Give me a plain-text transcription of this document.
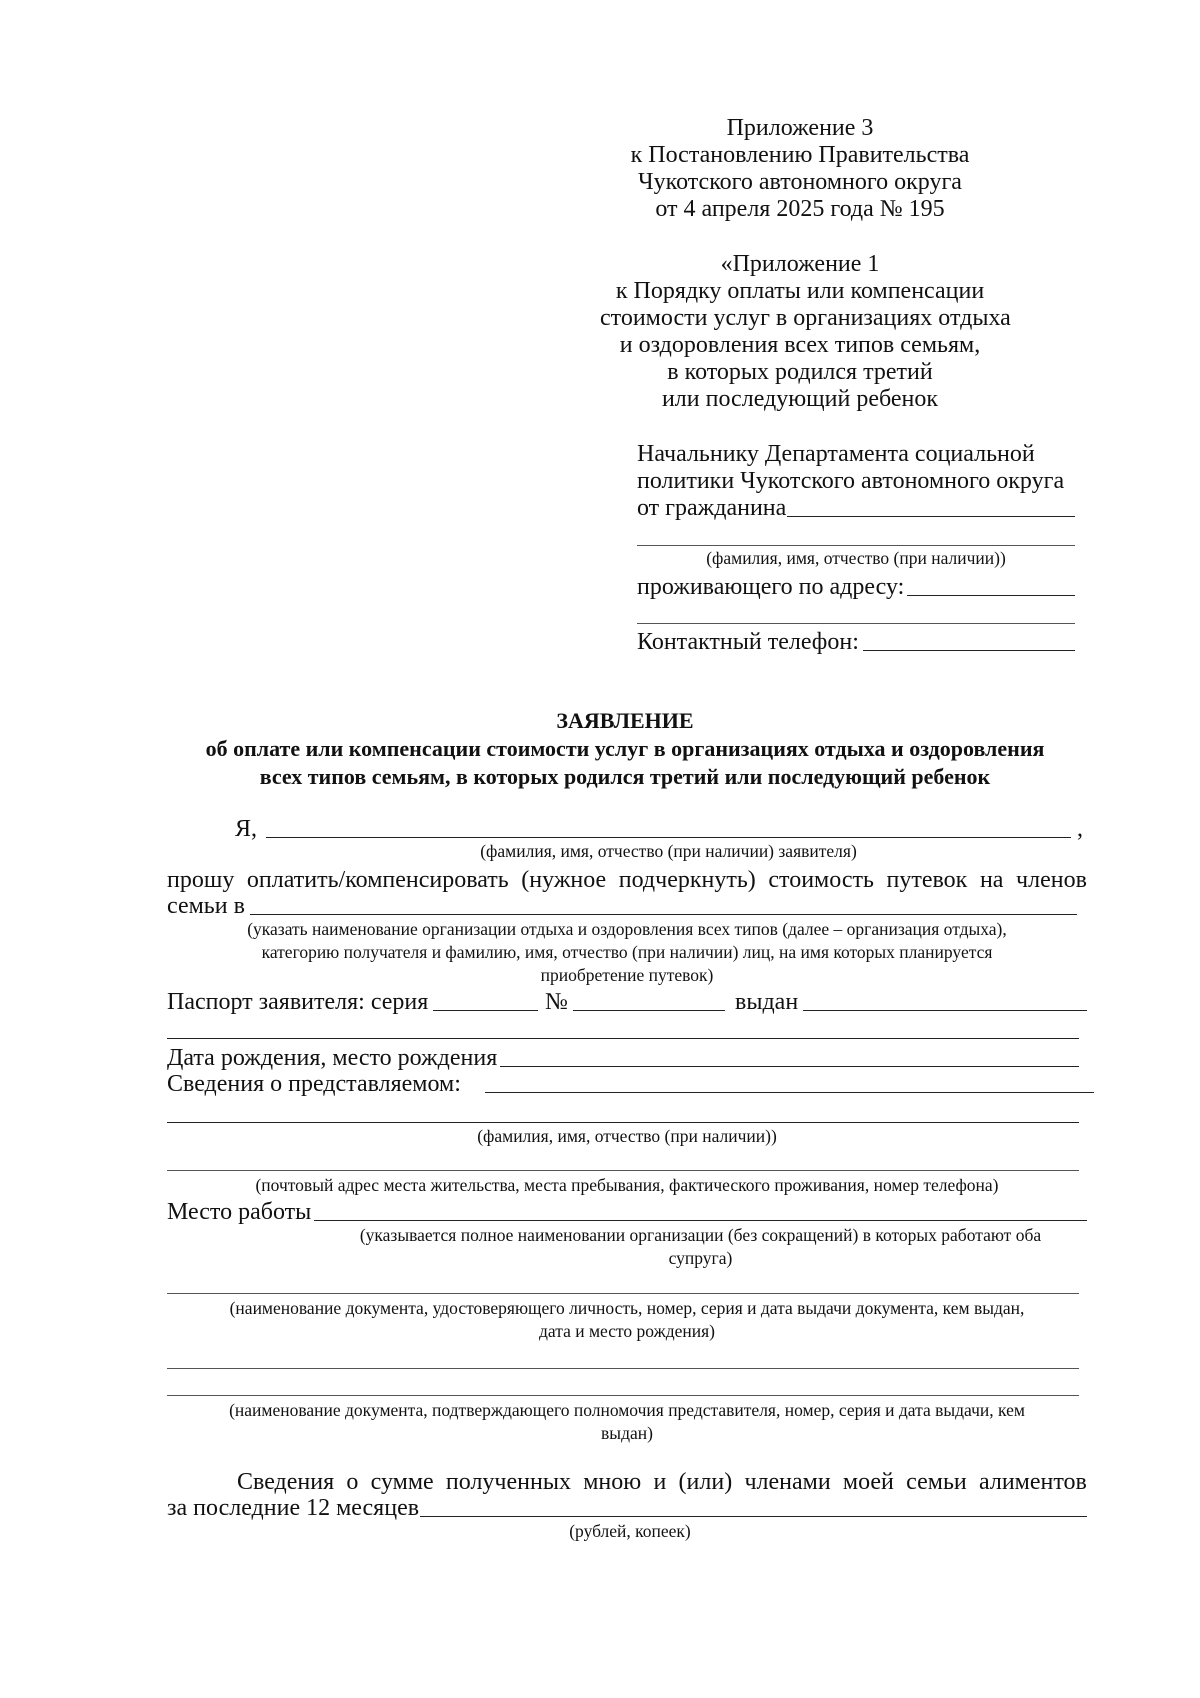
Приложение 3
к Постановлению Правительства
Чукотского автономного округа
от 4 апреля 2025 года № 195
«Приложение 1
к Порядку оплаты или компенсации
стоимости услуг в организациях отдыха
и оздоровления всех типов семьям,
в которых родился третий
или последующий ребенок
Начальнику Департамента социальной
политики Чукотского автономного округа
от гражданина
(фамилия, имя, отчество (при наличии))
проживающего по адресу:
Контактный телефон:
ЗАЯВЛЕНИЕ
об оплате или компенсации стоимости услуг в организациях отдыха и оздоровления
всех типов семьям, в которых родился третий или последующий ребенок
Я,	,
(фамилия, имя, отчество (при наличии) заявителя)
прошу оплатить/компенсировать (нужное подчеркнуть) стоимость путевок на членов
семьи в
(указать наименование организации отдыха и оздоровления всех типов (далее – организация отдыха),
категорию получателя и фамилию, имя, отчество (при наличии) лиц, на имя которых планируется
приобретение путевок)
Паспорт заявителя: серия	№	выдан
Дата рождения, место рождения
Сведения о представляемом:
(фамилия, имя, отчество (при наличии))
(почтовый адрес места жительства, места пребывания, фактического проживания, номер телефона)
Место работы
(указывается полное наименовании организации (без сокращений) в которых работают оба
супруга)
(наименование документа, удостоверяющего личность, номер, серия и дата выдачи документа, кем выдан,
дата и место рождения)
(наименование документа, подтверждающего полномочия представителя, номер, серия и дата выдачи, кем
выдан)
Сведения о сумме полученных мною и (или) членами моей семьи алиментов
за последние 12 месяцев
(рублей, копеек)
